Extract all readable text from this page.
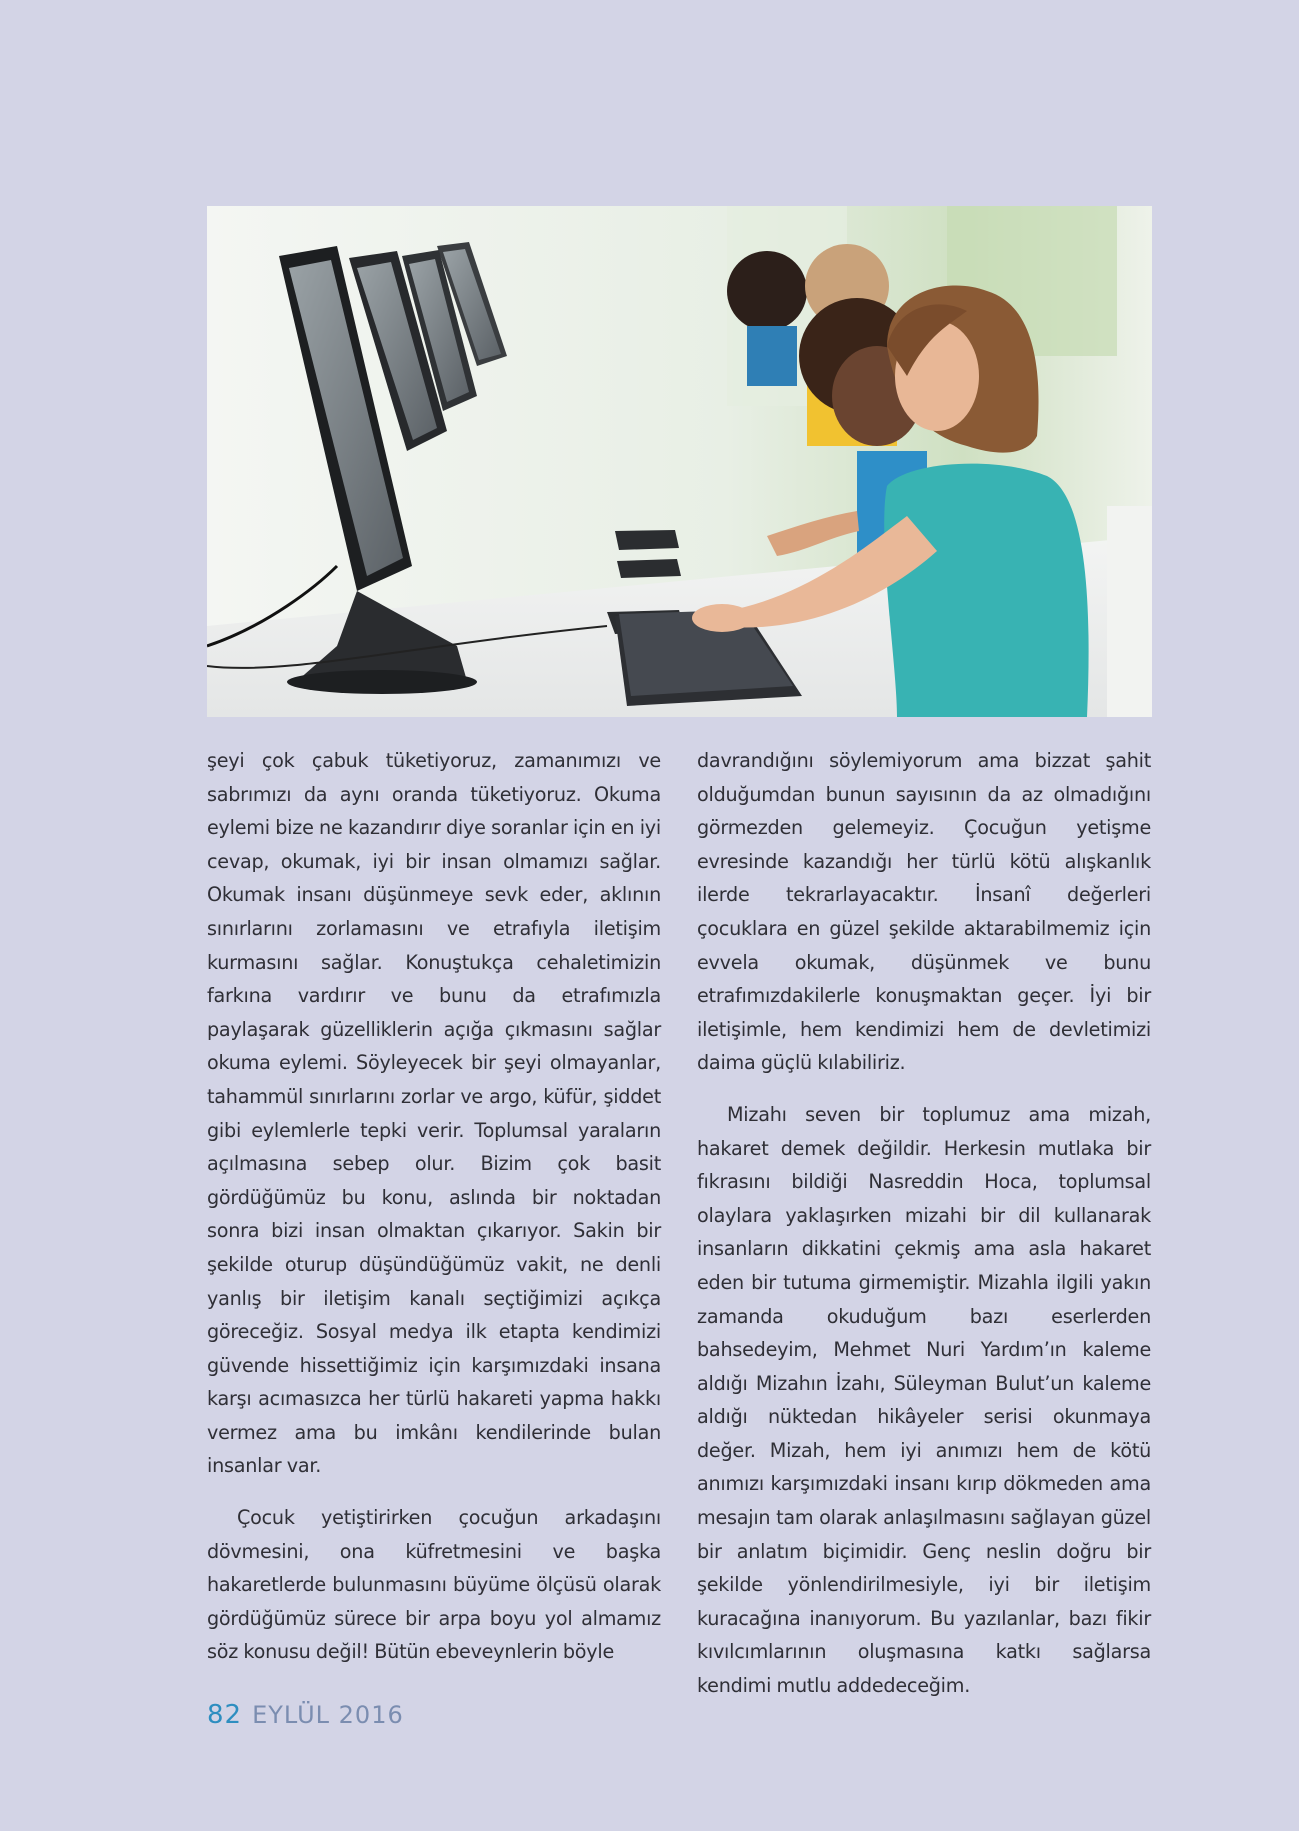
şeyi çok çabuk tüketiyoruz, zamanımızı ve sabrımızı da aynı oranda tüketiyoruz. Okuma eylemi bize ne kazandırır diye soranlar için en iyi cevap, okumak, iyi bir insan olmamızı sağlar. Okumak insanı düşünmeye sevk eder, aklının sınırlarını zorlamasını ve etrafıyla iletişim kurmasını sağlar. Konuştukça cehaletimizin farkına vardırır ve bunu da etrafımızla paylaşarak güzelliklerin açığa çıkmasını sağlar okuma eylemi. Söyleyecek bir şeyi olmayanlar, tahammül sınırlarını zorlar ve argo, küfür, şiddet gibi eylemlerle tepki verir. Toplumsal yaraların açılmasına sebep olur. Bizim çok basit gördüğümüz bu konu, aslında bir noktadan sonra bizi insan olmaktan çıkarıyor. Sakin bir şekilde oturup düşündüğümüz vakit, ne denli yanlış bir iletişim kanalı seçtiğimizi açıkça göreceğiz. Sosyal medya ilk etapta kendimizi güvende hissettiğimiz için karşımızdaki insana karşı acımasızca her türlü hakareti yapma hakkı vermez ama bu imkânı kendilerinde bulan insanlar var.

Çocuk yetiştirirken çocuğun arkadaşını dövmesini, ona küfretmesini ve başka hakaretlerde bulunmasını büyüme ölçüsü olarak gördüğümüz sürece bir arpa boyu yol almamız söz konusu değil! Bütün ebeveynlerin böyle

davrandığını söylemiyorum ama bizzat şahit olduğumdan bunun sayısının da az olmadığını görmezden gelemeyiz. Çocuğun yetişme evresinde kazandığı her türlü kötü alışkanlık ilerde tekrarlayacaktır. İnsanî değerleri çocuklara en güzel şekilde aktarabilmemiz için evvela okumak, düşünmek ve bunu etrafımızdakilerle konuşmaktan geçer. İyi bir iletişimle, hem kendimizi hem de devletimizi daima güçlü kılabiliriz.

Mizahı seven bir toplumuz ama mizah, hakaret demek değildir. Herkesin mutlaka bir fıkrasını bildiği Nasreddin Hoca, toplumsal olaylara yaklaşırken mizahi bir dil kullanarak insanların dikkatini çekmiş ama asla hakaret eden bir tutuma girmemiştir. Mizahla ilgili yakın zamanda okuduğum bazı eserlerden bahsedeyim, Mehmet Nuri Yardım’ın kaleme aldığı Mizahın İzahı, Süleyman Bulut’un kaleme aldığı nüktedan hikâyeler serisi okunmaya değer. Mizah, hem iyi anımızı hem de kötü anımızı karşımızdaki insanı kırıp dökmeden ama mesajın tam olarak anlaşılmasını sağlayan güzel bir anlatım biçimidir. Genç neslin doğru bir şekilde yönlendirilmesiyle, iyi bir iletişim kuracağına inanıyorum. Bu yazılanlar, bazı fikir kıvılcımlarının oluşmasına katkı sağlarsa kendimi mutlu addedeceğim.

82 EYLÜL 2016
